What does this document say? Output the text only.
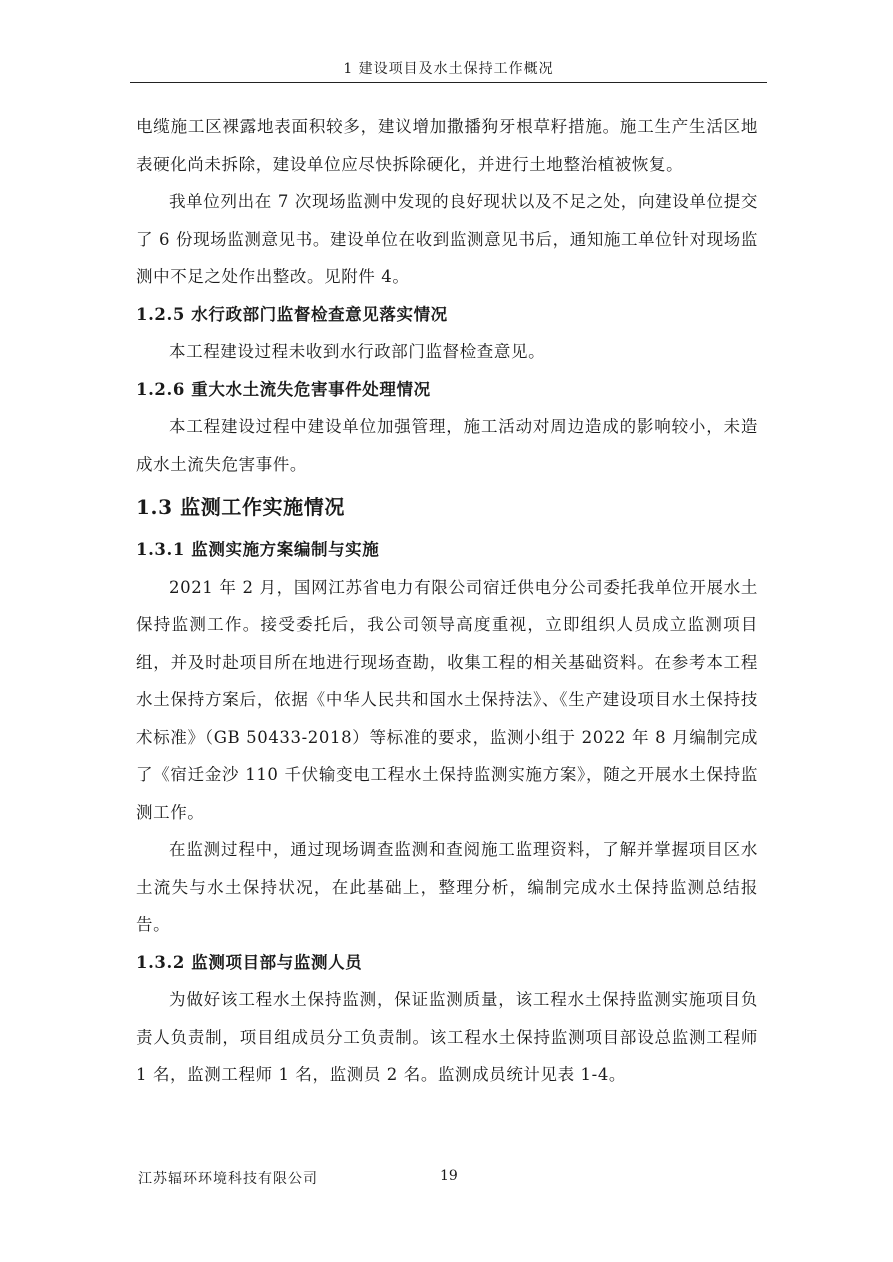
1 建设项目及水土保持工作概况

电缆施工区裸露地表面积较多，建议增加撒播狗牙根草籽措施。施工生产生活区地表硬化尚未拆除，建设单位应尽快拆除硬化，并进行土地整治植被恢复。

我单位列出在 7 次现场监测中发现的良好现状以及不足之处，向建设单位提交了 6 份现场监测意见书。建设单位在收到监测意见书后，通知施工单位针对现场监测中不足之处作出整改。见附件 4。

1.2.5 水行政部门监督检查意见落实情况

本工程建设过程未收到水行政部门监督检查意见。

1.2.6 重大水土流失危害事件处理情况

本工程建设过程中建设单位加强管理，施工活动对周边造成的影响较小，未造成水土流失危害事件。

1.3 监测工作实施情况

1.3.1 监测实施方案编制与实施

2021 年 2 月，国网江苏省电力有限公司宿迁供电分公司委托我单位开展水土保持监测工作。接受委托后，我公司领导高度重视，立即组织人员成立监测项目组，并及时赴项目所在地进行现场查勘，收集工程的相关基础资料。在参考本工程水土保持方案后，依据《中华人民共和国水土保持法》、《生产建设项目水土保持技术标准》（GB 50433-2018）等标准的要求，监测小组于 2022 年 8 月编制完成了《宿迁金沙 110 千伏输变电工程水土保持监测实施方案》，随之开展水土保持监测工作。

在监测过程中，通过现场调查监测和查阅施工监理资料，了解并掌握项目区水土流失与水土保持状况，在此基础上，整理分析，编制完成水土保持监测总结报告。

1.3.2 监测项目部与监测人员

为做好该工程水土保持监测，保证监测质量，该工程水土保持监测实施项目负责人负责制，项目组成员分工负责制。该工程水土保持监测项目部设总监测工程师 1 名，监测工程师 1 名，监测员 2 名。监测成员统计见表 1-4。

江苏辐环环境科技有限公司	19
